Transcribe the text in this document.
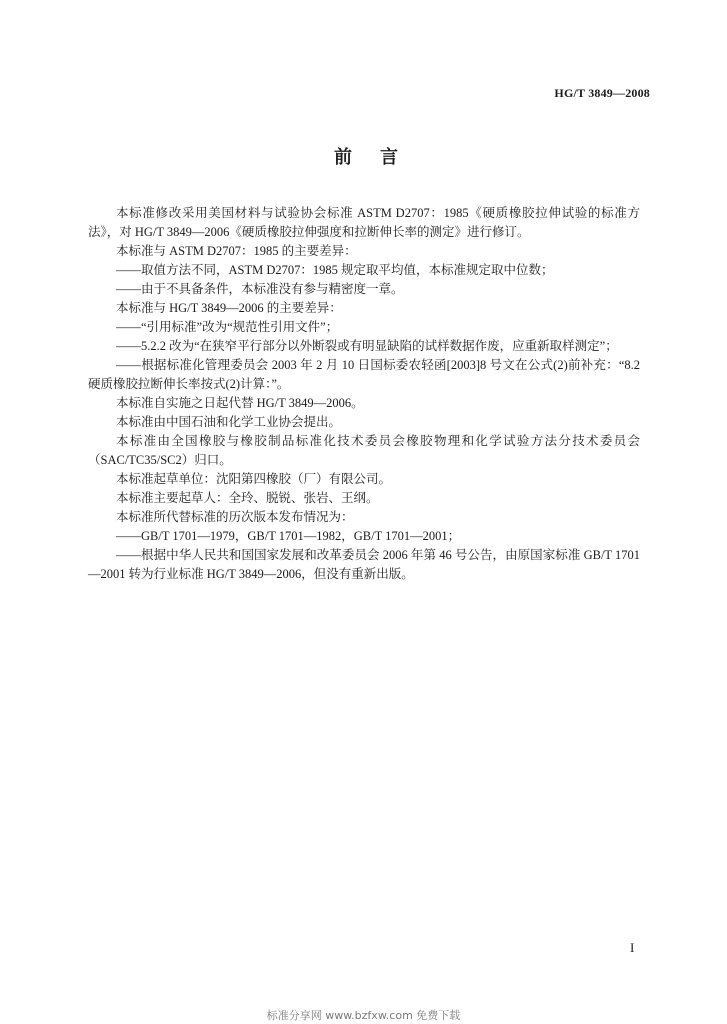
HG/T 3849—2008
前　言

本标准修改采用美国材料与试验协会标准 ASTM D2707：1985《硬质橡胶拉伸试验的标准方法》，对 HG/T 3849—2006《硬质橡胶拉伸强度和拉断伸长率的测定》进行修订。

本标准与 ASTM D2707：1985 的主要差异：

——取值方法不同，ASTM D2707：1985 规定取平均值，本标准规定取中位数；

——由于不具备条件，本标准没有参与精密度一章。

本标准与 HG/T 3849—2006 的主要差异：

——“引用标准”改为“规范性引用文件”；

——5.2.2 改为“在狭窄平行部分以外断裂或有明显缺陷的试样数据作废，应重新取样测定”；

——根据标准化管理委员会 2003 年 2 月 10 日国标委农轻函[2003]8 号文在公式(2)前补充：“8.2 硬质橡胶拉断伸长率按式(2)计算：”。

本标准自实施之日起代替 HG/T 3849—2006。

本标准由中国石油和化学工业协会提出。

本标准由全国橡胶与橡胶制品标准化技术委员会橡胶物理和化学试验方法分技术委员会（SAC/TC35/SC2）归口。

本标准起草单位：沈阳第四橡胶（厂）有限公司。

本标准主要起草人：全玲、脱锐、张岩、王纲。

本标准所代替标准的历次版本发布情况为：

——GB/T 1701—1979，GB/T 1701—1982，GB/T 1701—2001；

——根据中华人民共和国国家发展和改革委员会 2006 年第 46 号公告，由原国家标准 GB/T 1701—2001 转为行业标准 HG/T 3849—2006，但没有重新出版。

I
标准分享网 www.bzfxw.com 免费下载
